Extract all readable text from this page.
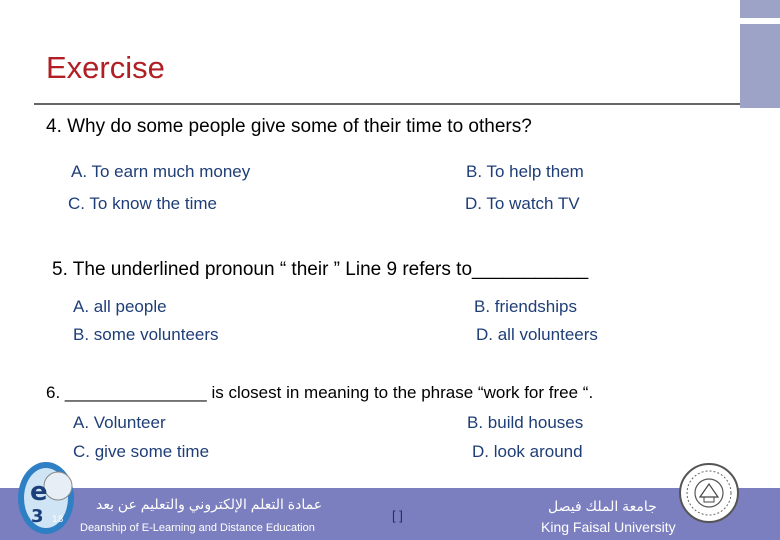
Exercise
4. Why do some people give some of their time to others?
A. To earn much money	B. To help them
C. To know the time	D. To watch TV
5. The underlined pronoun “ their ” Line 9 refers to___________
A. all people	B. friendships
B. some volunteers	D. all volunteers
6. _______________ is closest in meaning to the phrase “work for free “.
A. Volunteer	B. build houses
C. give some time	D. look around
عمادة التعلم الإلكتروني والتعليم عن بعد
Deanship of E-Learning and Distance Education
[ ]
جامعة الملك فيصل
King Faisal University
e
3 18
